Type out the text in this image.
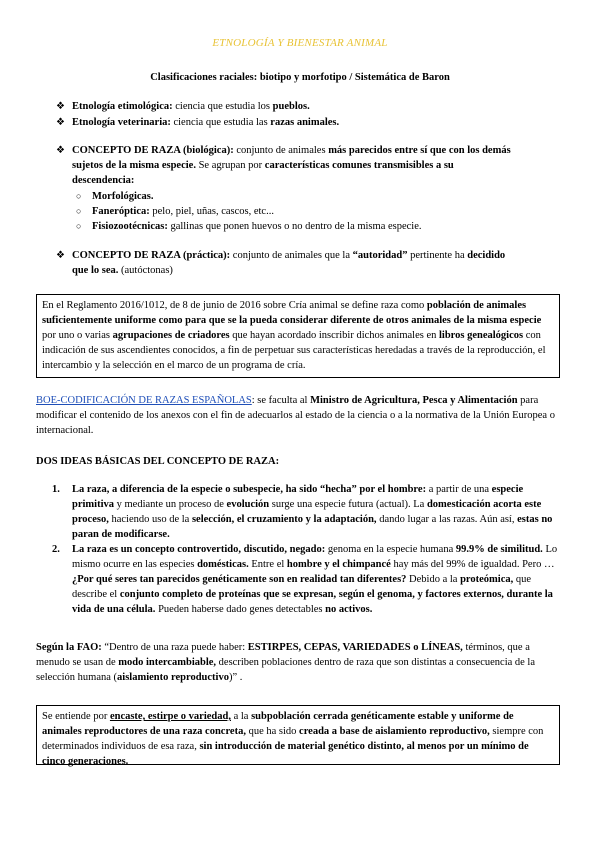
ETNOLOGÍA Y BIENESTAR ANIMAL
Clasificaciones raciales: biotipo y morfotipo / Sistemática de Baron
❖ Etnología etimológica: ciencia que estudia los pueblos.
❖ Etnología veterinaria: ciencia que estudia las razas animales.
❖ CONCEPTO DE RAZA (biológica): conjunto de animales más parecidos entre sí que con los demás sujetos de la misma especie. Se agrupan por características comunes transmisibles a su descendencia:
○ Morfológicas.
○ Faneróptica: pelo, piel, uñas, cascos, etc...
○ Fisiozootécnicas: gallinas que ponen huevos o no dentro de la misma especie.
❖ CONCEPTO DE RAZA (práctica): conjunto de animales que la “autoridad” pertinente ha decidido que lo sea. (autóctonas)
En el Reglamento 2016/1012, de 8 de junio de 2016 sobre Cría animal se define raza como población de animales suficientemente uniforme como para que se la pueda considerar diferente de otros animales de la misma especie por uno o varias agrupaciones de criadores que hayan acordado inscribir dichos animales en libros genealógicos con indicación de sus ascendientes conocidos, a fin de perpetuar sus características heredadas a través de la reproducción, el intercambio y la selección en el marco de un programa de cría.
BOE-CODIFICACIÓN DE RAZAS ESPAÑOLAS: se faculta al Ministro de Agricultura, Pesca y Alimentación para modificar el contenido de los anexos con el fin de adecuarlos al estado de la ciencia o a la normativa de la Unión Europea o internacional.
DOS IDEAS BÁSICAS DEL CONCEPTO DE RAZA:
1. La raza, a diferencia de la especie o subespecie, ha sido “hecha” por el hombre: a partir de una especie primitiva y mediante un proceso de evolución surge una especie futura (actual). La domesticación acorta este proceso, haciendo uso de la selección, el cruzamiento y la adaptación, dando lugar a las razas. Aún así, estas no paran de modificarse.
2. La raza es un concepto controvertido, discutido, negado: genoma en la especie humana 99.9% de similitud. Lo mismo ocurre en las especies domésticas. Entre el hombre y el chimpancé hay más del 99% de igualdad. Pero … ¿Por qué seres tan parecidos genéticamente son en realidad tan diferentes? Debido a la proteómica, que describe el conjunto completo de proteínas que se expresan, según el genoma, y factores externos, durante la vida de una célula. Pueden haberse dado genes detectables no activos.
Según la FAO: “Dentro de una raza puede haber: ESTIRPES, CEPAS, VARIEDADES o LÍNEAS, términos, que a menudo se usan de modo intercambiable, describen poblaciones dentro de raza que son distintas a consecuencia de la selección humana (aislamiento reproductivo)” .
Se entiende por encaste, estirpe o variedad, a la subpoblación cerrada genéticamente estable y uniforme de animales reproductores de una raza concreta, que ha sido creada a base de aislamiento reproductivo, siempre con determinados individuos de esa raza, sin introducción de material genético distinto, al menos por un mínimo de cinco generaciones.
